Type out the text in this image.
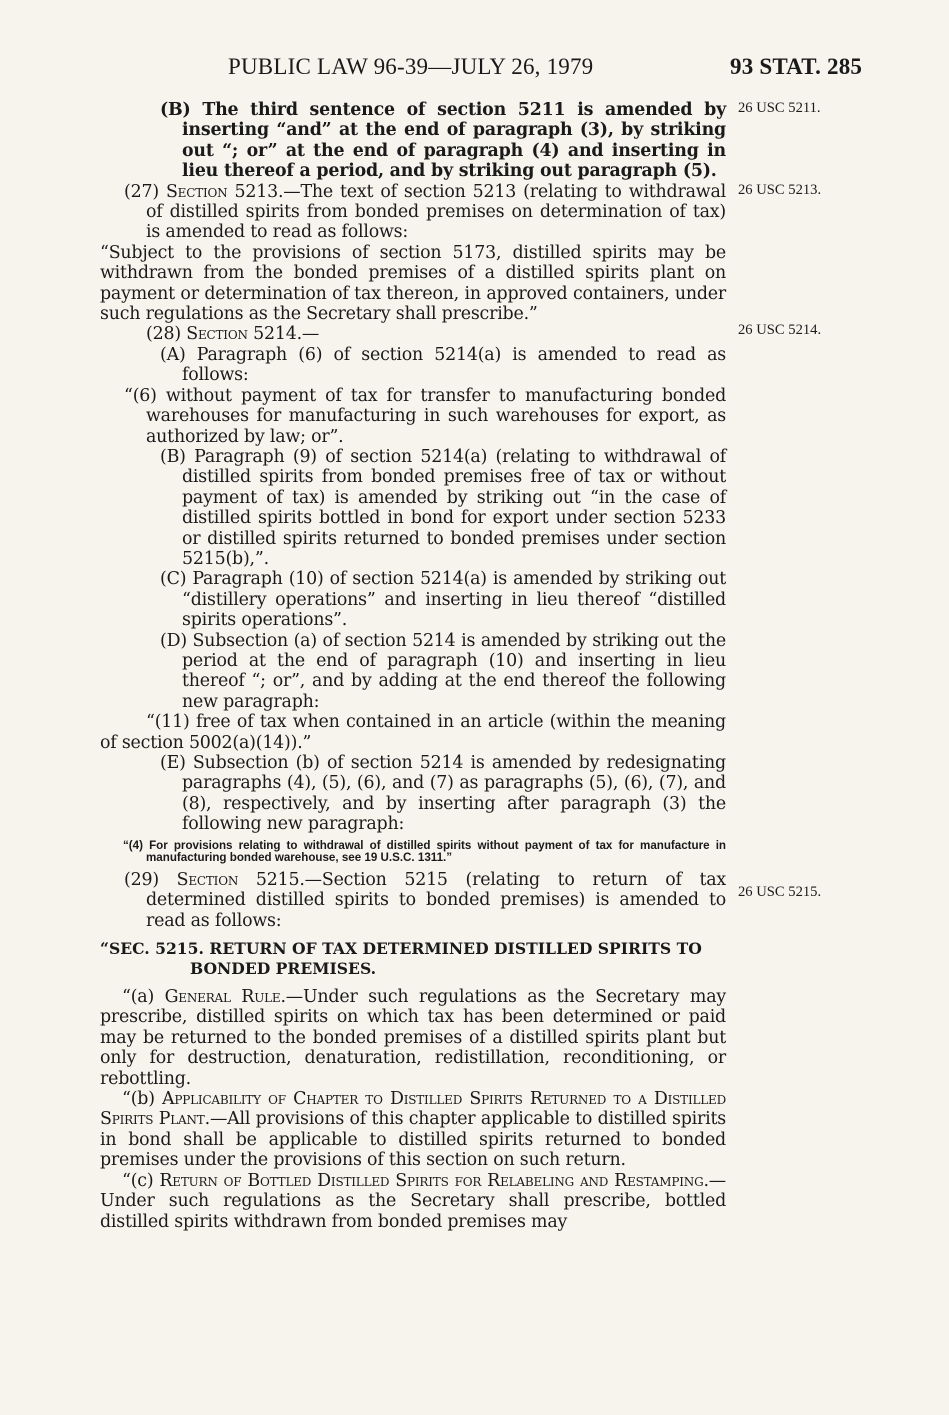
PUBLIC LAW 96-39—JULY 26, 1979	93 STAT. 285
26 USC 5211.
26 USC 5213.
26 USC 5214.
26 USC 5215.

(B) The third sentence of section 5211 is amended by inserting “and” at the end of paragraph (3), by striking out “; or” at the end of paragraph (4) and inserting in lieu thereof a period, and by striking out paragraph (5).

(27) Section 5213.—The text of section 5213 (relating to withdrawal of distilled spirits from bonded premises on determination of tax) is amended to read as follows:

“Subject to the provisions of section 5173, distilled spirits may be withdrawn from the bonded premises of a distilled spirits plant on payment or determination of tax thereon, in approved containers, under such regulations as the Secretary shall prescribe.”

(28) Section 5214.—

(A) Paragraph (6) of section 5214(a) is amended to read as follows:

“(6) without payment of tax for transfer to manufacturing bonded warehouses for manufacturing in such warehouses for export, as authorized by law; or”.

(B) Paragraph (9) of section 5214(a) (relating to withdrawal of distilled spirits from bonded premises free of tax or without payment of tax) is amended by striking out “in the case of distilled spirits bottled in bond for export under section 5233 or distilled spirits returned to bonded premises under section 5215(b),”.

(C) Paragraph (10) of section 5214(a) is amended by striking out “distillery operations” and inserting in lieu thereof “distilled spirits operations”.

(D) Subsection (a) of section 5214 is amended by striking out the period at the end of paragraph (10) and inserting in lieu thereof “; or”, and by adding at the end thereof the following new paragraph:

“(11) free of tax when contained in an article (within the meaning of section 5002(a)(14)).”

(E) Subsection (b) of section 5214 is amended by redesignating paragraphs (4), (5), (6), and (7) as paragraphs (5), (6), (7), and (8), respectively, and by inserting after paragraph (3) the following new paragraph:

“(4) For provisions relating to withdrawal of distilled spirits without payment of tax for manufacture in manufacturing bonded warehouse, see 19 U.S.C. 1311.”

(29) Section 5215.—Section 5215 (relating to return of tax determined distilled spirits to bonded premises) is amended to read as follows:

“SEC. 5215. RETURN OF TAX DETERMINED DISTILLED SPIRITS TO BONDED PREMISES.

“(a) General Rule.—Under such regulations as the Secretary may prescribe, distilled spirits on which tax has been determined or paid may be returned to the bonded premises of a distilled spirits plant but only for destruction, denaturation, redistillation, reconditioning, or rebottling.

“(b) Applicability of Chapter to Distilled Spirits Returned to a Distilled Spirits Plant.—All provisions of this chapter applicable to distilled spirits in bond shall be applicable to distilled spirits returned to bonded premises under the provisions of this section on such return.

“(c) Return of Bottled Distilled Spirits for Relabeling and Restamping.—Under such regulations as the Secretary shall prescribe, bottled distilled spirits withdrawn from bonded premises may
